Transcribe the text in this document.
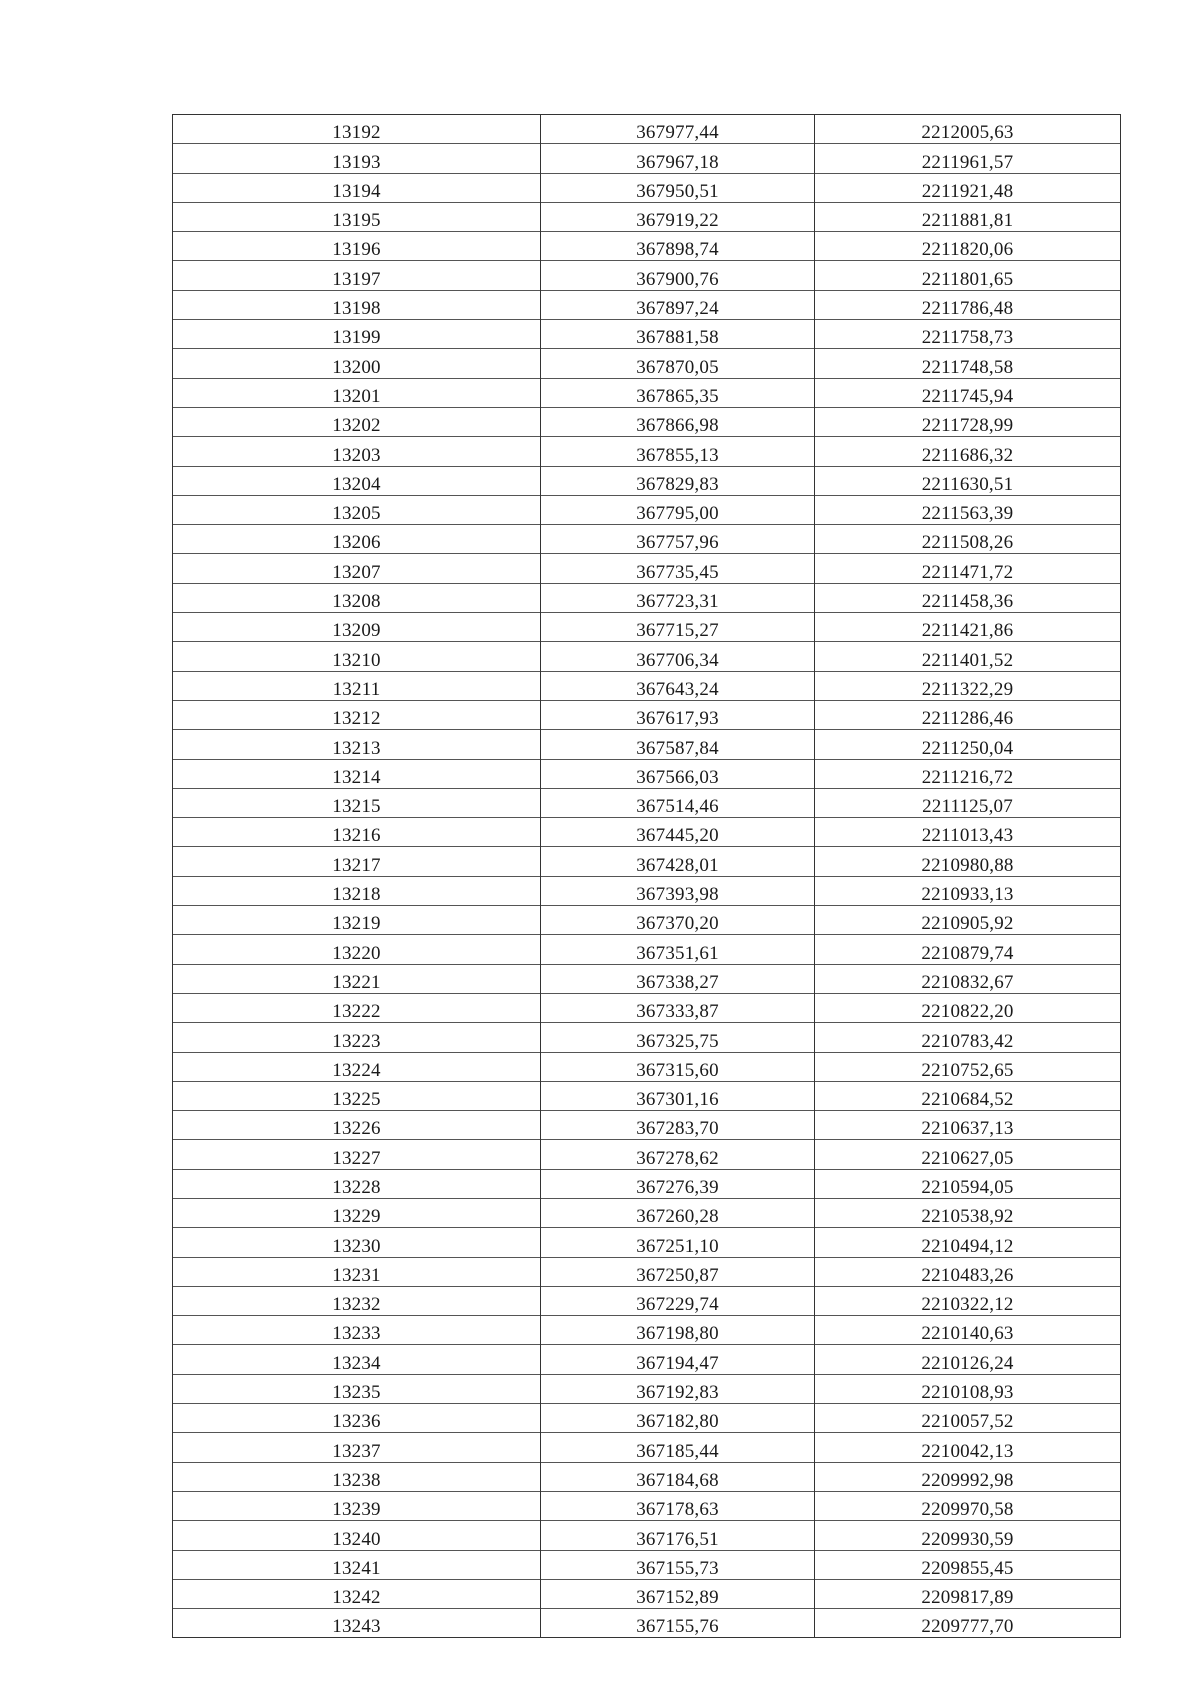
13192	367977,44	2212005,63
13193	367967,18	2211961,57
13194	367950,51	2211921,48
13195	367919,22	2211881,81
13196	367898,74	2211820,06
13197	367900,76	2211801,65
13198	367897,24	2211786,48
13199	367881,58	2211758,73
13200	367870,05	2211748,58
13201	367865,35	2211745,94
13202	367866,98	2211728,99
13203	367855,13	2211686,32
13204	367829,83	2211630,51
13205	367795,00	2211563,39
13206	367757,96	2211508,26
13207	367735,45	2211471,72
13208	367723,31	2211458,36
13209	367715,27	2211421,86
13210	367706,34	2211401,52
13211	367643,24	2211322,29
13212	367617,93	2211286,46
13213	367587,84	2211250,04
13214	367566,03	2211216,72
13215	367514,46	2211125,07
13216	367445,20	2211013,43
13217	367428,01	2210980,88
13218	367393,98	2210933,13
13219	367370,20	2210905,92
13220	367351,61	2210879,74
13221	367338,27	2210832,67
13222	367333,87	2210822,20
13223	367325,75	2210783,42
13224	367315,60	2210752,65
13225	367301,16	2210684,52
13226	367283,70	2210637,13
13227	367278,62	2210627,05
13228	367276,39	2210594,05
13229	367260,28	2210538,92
13230	367251,10	2210494,12
13231	367250,87	2210483,26
13232	367229,74	2210322,12
13233	367198,80	2210140,63
13234	367194,47	2210126,24
13235	367192,83	2210108,93
13236	367182,80	2210057,52
13237	367185,44	2210042,13
13238	367184,68	2209992,98
13239	367178,63	2209970,58
13240	367176,51	2209930,59
13241	367155,73	2209855,45
13242	367152,89	2209817,89
13243	367155,76	2209777,70
